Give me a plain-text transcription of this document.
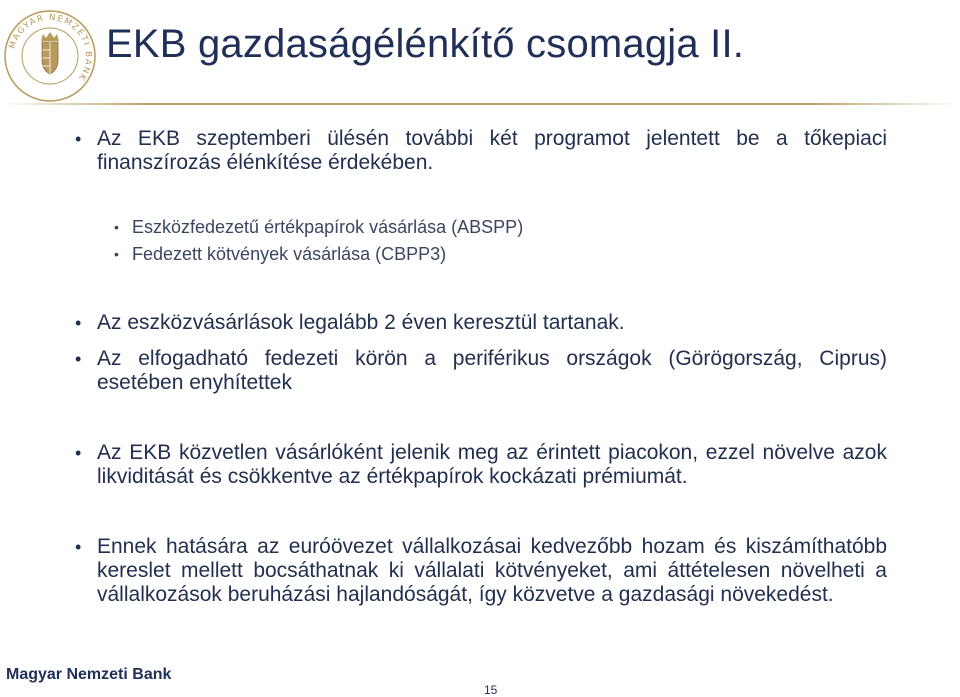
MAGYAR NEMZETI BANK
EKB gazdaságélénkítő csomagja II.
• Az EKB szeptemberi ülésén további két programot jelentett be a tőkepiaci finanszírozás élénkítése érdekében.
• Eszközfedezetű értékpapírok vásárlása (ABSPP)
• Fedezett kötvények vásárlása (CBPP3)
• Az eszközvásárlások legalább 2 éven keresztül tartanak.
• Az elfogadható fedezeti körön a periférikus országok (Görögország, Ciprus) esetében enyhítettek
• Az EKB közvetlen vásárlóként jelenik meg az érintett piacokon, ezzel növelve azok likviditását és csökkentve az értékpapírok kockázati prémiumát.
• Ennek hatására az euróövezet vállalkozásai kedvezőbb hozam és kiszámíthatóbb kereslet mellett bocsáthatnak ki vállalati kötvényeket, ami áttételesen növelheti a vállalkozások beruházási hajlandóságát, így közvetve a gazdasági növekedést.
Magyar Nemzeti Bank
15
